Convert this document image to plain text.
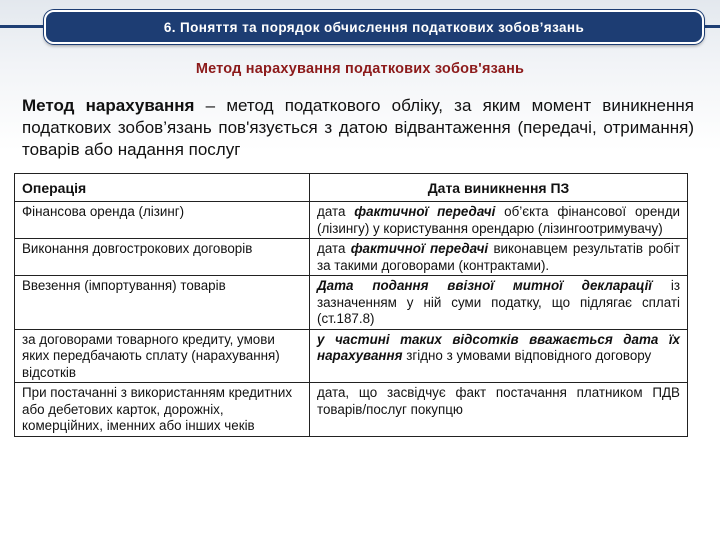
6. Поняття та порядок обчислення податкових зобов’язань
Метод нарахування податкових зобов'язань
Метод нарахування – метод податкового обліку, за яким момент виникнення податкових зобов’язань пов'язується з датою відвантаження (передачі, отримання) товарів або надання послуг
Операція	Дата виникнення ПЗ
Фінансова оренда (лізинг)	дата фактичної передачі об’єкта фінансової оренди (лізингу) у користування орендарю (лізингоотримувачу)
Виконання довгострокових договорів	дата фактичної передачі виконавцем результатів робіт за такими договорами (контрактами).
Ввезення (імпортування) товарів	Дата подання ввізної митної декларації із зазначенням у ній суми податку, що підлягає сплаті (ст.187.8)
за договорами товарного кредиту, умови яких передбачають сплату (нарахування) відсотків	у частині таких відсотків вважається дата їх нарахування згідно з умовами відповідного договору
При постачанні з використанням кредитних або дебетових карток, дорожніх, комерційних, іменних або інших чеків	дата, що засвідчує факт постачання платником ПДВ товарів/послуг покупцю
